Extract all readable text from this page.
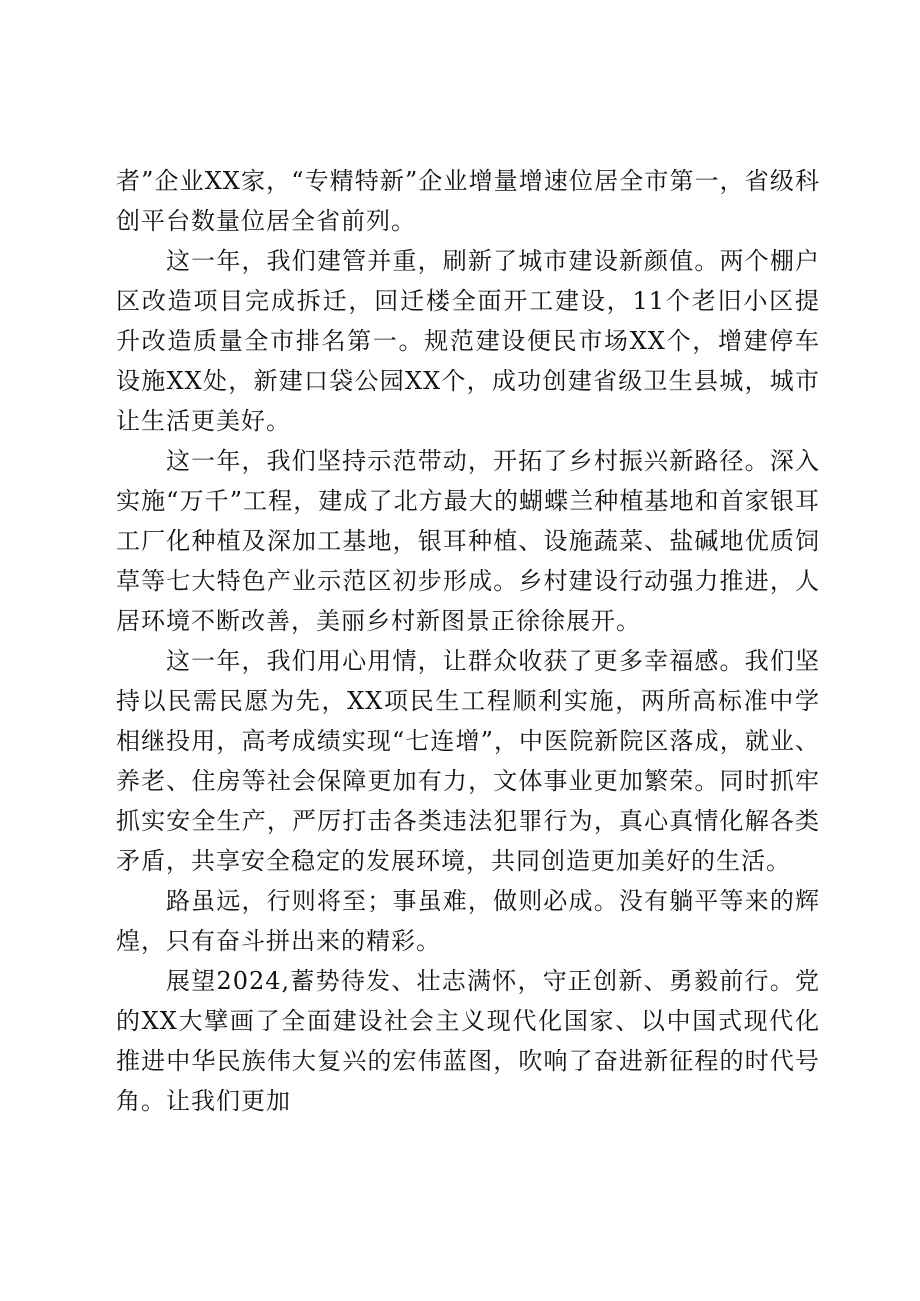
者”企业XX家，“专精特新”企业增量增速位居全市第一，省级科创平台数量位居全省前列。

这一年，我们建管并重，刷新了城市建设新颜值。两个棚户区改造项目完成拆迁，回迁楼全面开工建设，11个老旧小区提升改造质量全市排名第一。规范建设便民市场XX个，增建停车设施XX处，新建口袋公园XX个，成功创建省级卫生县城，城市让生活更美好。

这一年，我们坚持示范带动，开拓了乡村振兴新路径。深入实施“万千”工程，建成了北方最大的蝴蝶兰种植基地和首家银耳工厂化种植及深加工基地，银耳种植、设施蔬菜、盐碱地优质饲草等七大特色产业示范区初步形成。乡村建设行动强力推进，人居环境不断改善，美丽乡村新图景正徐徐展开。

这一年，我们用心用情，让群众收获了更多幸福感。我们坚持以民需民愿为先，XX项民生工程顺利实施，两所高标准中学相继投用，高考成绩实现“七连增”，中医院新院区落成，就业、养老、住房等社会保障更加有力，文体事业更加繁荣。同时抓牢抓实安全生产，严厉打击各类违法犯罪行为，真心真情化解各类矛盾，共享安全稳定的发展环境，共同创造更加美好的生活。

路虽远，行则将至；事虽难，做则必成。没有躺平等来的辉煌，只有奋斗拼出来的精彩。

展望2024,蓄势待发、壮志满怀，守正创新、勇毅前行。党的XX大擘画了全面建设社会主义现代化国家、以中国式现代化推进中华民族伟大复兴的宏伟蓝图，吹响了奋进新征程的时代号角。让我们更加
